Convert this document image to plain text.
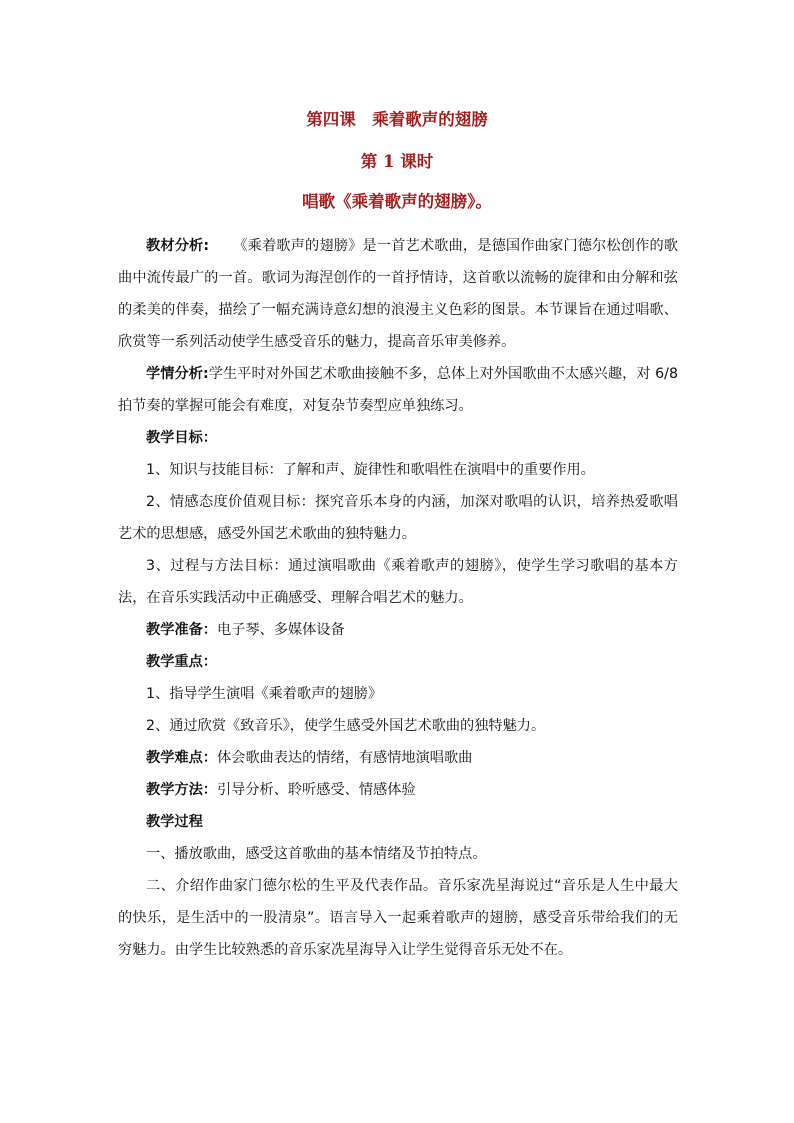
第四课　乘着歌声的翅膀
第 1 课时
唱歌《乘着歌声的翅膀》。
教材分析: 《乘着歌声的翅膀》是一首艺术歌曲，是德国作曲家门德尔松创作的歌曲中流传最广的一首。歌词为海涅创作的一首抒情诗，这首歌以流畅的旋律和由分解和弦的柔美的伴奏，描绘了一幅充满诗意幻想的浪漫主义色彩的图景。本节课旨在通过唱歌、欣赏等一系列活动使学生感受音乐的魅力，提高音乐审美修养。
学情分析:学生平时对外国艺术歌曲接触不多，总体上对外国歌曲不太感兴趣，对 6/8 拍节奏的掌握可能会有难度，对复杂节奏型应单独练习。
教学目标：
1、知识与技能目标：了解和声、旋律性和歌唱性在演唱中的重要作用。
2、情感态度价值观目标：探究音乐本身的内涵，加深对歌唱的认识，培养热爱歌唱艺术的思想感，感受外国艺术歌曲的独特魅力。
3、过程与方法目标：通过演唱歌曲《乘着歌声的翅膀》，使学生学习歌唱的基本方法，在音乐实践活动中正确感受、理解合唱艺术的魅力。
教学准备：电子琴、多媒体设备
教学重点：
1、指导学生演唱《乘着歌声的翅膀》
2、通过欣赏《致音乐》，使学生感受外国艺术歌曲的独特魅力。
教学难点：体会歌曲表达的情绪，有感情地演唱歌曲
教学方法：引导分析、聆听感受、情感体验
教学过程
一、播放歌曲，感受这首歌曲的基本情绪及节拍特点。
二、介绍作曲家门德尔松的生平及代表作品。音乐家冼星海说过“音乐是人生中最大的快乐，是生活中的一股清泉”。语言导入一起乘着歌声的翅膀，感受音乐带给我们的无穷魅力。由学生比较熟悉的音乐家冼星海导入让学生觉得音乐无处不在。
